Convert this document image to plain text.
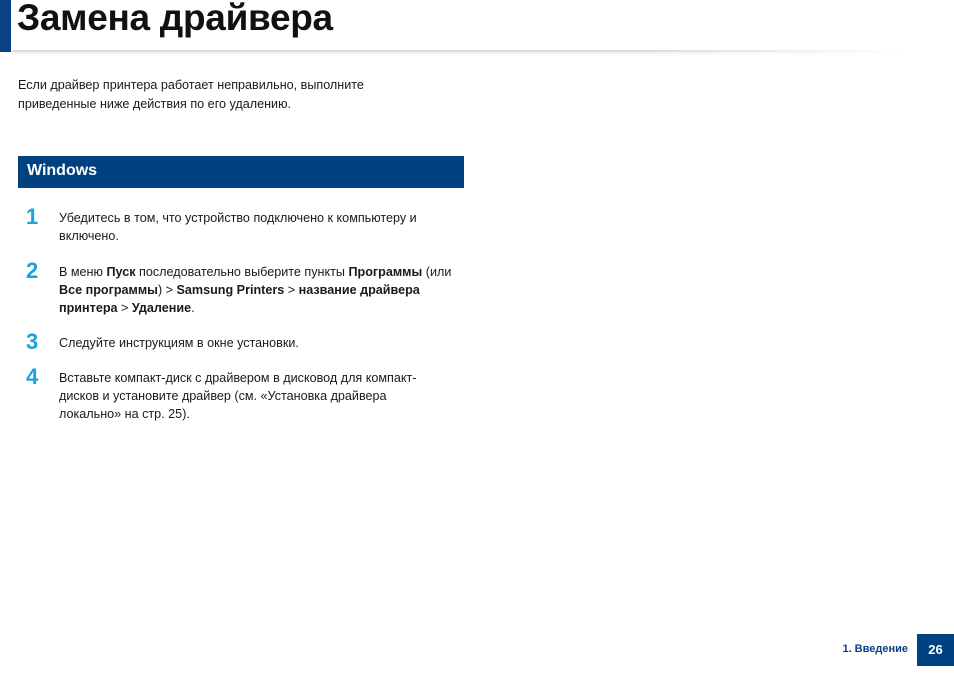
Замена драйвера

Если драйвер принтера работает неправильно, выполните
приведенные ниже действия по его удалению.

Windows
1	Убедитесь в том, что устройство подключено к компьютеру и включено.

2	В меню Пуск последовательно выберите пункты Программы (или Все программы) > Samsung Printers > название драйвера принтера > Удаление.

3	Следуйте инструкциям в окне установки.

4	Вставьте компакт-диск с драйвером в дисковод для компакт-дисков и установите драйвер (см. «Установка драйвера локально» на стр. 25).

1. Введение	26
